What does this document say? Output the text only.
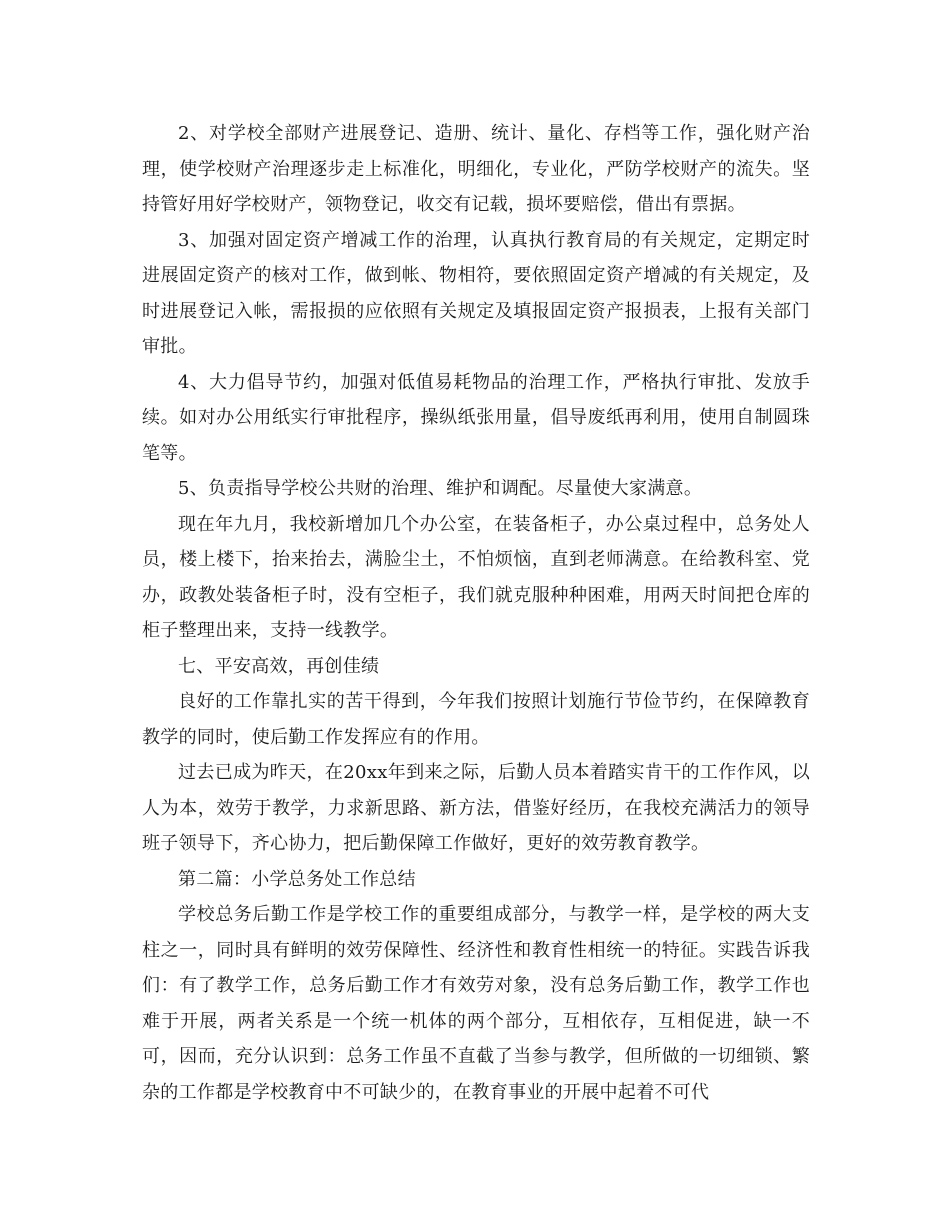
2、对学校全部财产进展登记、造册、统计、量化、存档等工作，强化财产治理，使学校财产治理逐步走上标准化，明细化，专业化，严防学校财产的流失。坚持管好用好学校财产，领物登记，收交有记载，损坏要赔偿，借出有票据。

3、加强对固定资产增减工作的治理，认真执行教育局的有关规定，定期定时进展固定资产的核对工作，做到帐、物相符，要依照固定资产增减的有关规定，及时进展登记入帐，需报损的应依照有关规定及填报固定资产报损表，上报有关部门审批。

4、大力倡导节约，加强对低值易耗物品的治理工作，严格执行审批、发放手续。如对办公用纸实行审批程序，操纵纸张用量，倡导废纸再利用，使用自制圆珠笔等。

5、负责指导学校公共财的治理、维护和调配。尽量使大家满意。

现在年九月，我校新增加几个办公室，在装备柜子，办公桌过程中，总务处人员，楼上楼下，抬来抬去，满脸尘土，不怕烦恼，直到老师满意。在给教科室、党办，政教处装备柜子时，没有空柜子，我们就克服种种困难，用两天时间把仓库的柜子整理出来，支持一线教学。

七、平安高效，再创佳绩

良好的工作靠扎实的苦干得到，今年我们按照计划施行节俭节约，在保障教育教学的同时，使后勤工作发挥应有的作用。

过去已成为昨天，在20xx年到来之际，后勤人员本着踏实肯干的工作作风，以人为本，效劳于教学，力求新思路、新方法，借鉴好经历，在我校充满活力的领导班子领导下，齐心协力，把后勤保障工作做好，更好的效劳教育教学。

第二篇：小学总务处工作总结

学校总务后勤工作是学校工作的重要组成部分，与教学一样，是学校的两大支柱之一，同时具有鲜明的效劳保障性、经济性和教育性相统一的特征。实践告诉我们：有了教学工作，总务后勤工作才有效劳对象，没有总务后勤工作，教学工作也难于开展，两者关系是一个统一机体的两个部分，互相依存，互相促进，缺一不可，因而，充分认识到：总务工作虽不直截了当参与教学，但所做的一切细锁、繁杂的工作都是学校教育中不可缺少的，在教育事业的开展中起着不可代
